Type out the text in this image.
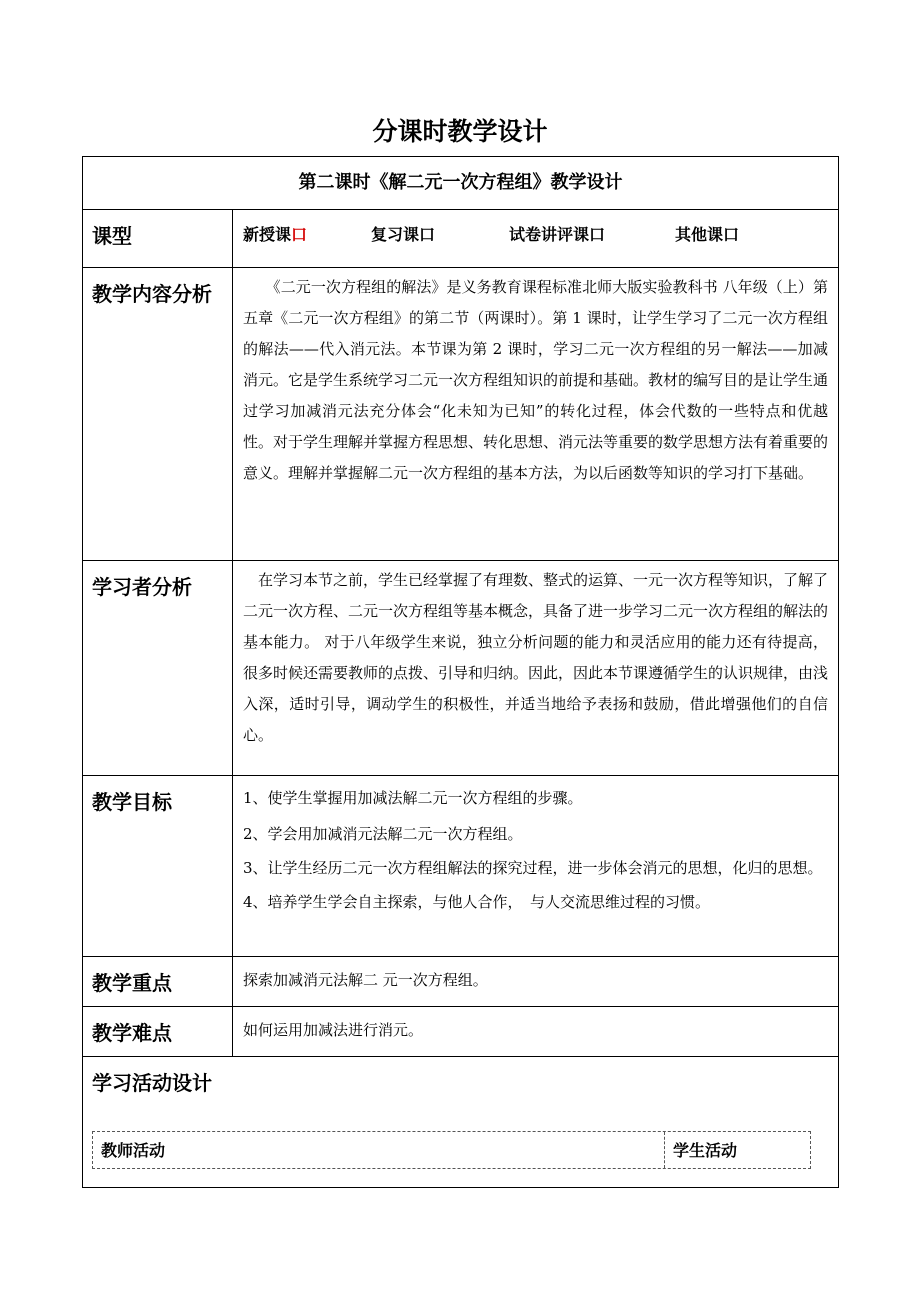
分课时教学设计
第二课时《解二元一次方程组》教学设计	
课型	新授课口 复习课口 试卷讲评课口 其他课口
教学内容分析	　　《二元一次方程组的解法》是义务教育课程标准北师大版实验教科书 八年级（上）第五章《二元一次方程组》的第二节（两课时）。第 1 课时，让学生学习了二元一次方程组的解法——代入消元法。本节课为第 2 课时，学习二元一次方程组的另一解法——加减消元。它是学生系统学习二元一次方程组知识的前提和基础。教材的编写目的是让学生通过学习加减消元法充分体会“化未知为已知”的转化过程，体会代数的一些特点和优越性。对于学生理解并掌握方程思想、转化思想、消元法等重要的数学思想方法有着重要的意义。理解并掌握解二元一次方程组的基本方法，为以后函数等知识的学习打下基础。
学习者分析	　在学习本节之前，学生已经掌握了有理数、整式的运算、一元一次方程等知识，了解了二元一次方程、二元一次方程组等基本概念，具备了进一步学习二元一次方程组的解法的基本能力。 对于八年级学生来说，独立分析问题的能力和灵活应用的能力还有待提高，很多时候还需要教师的点拨、引导和归纳。因此，因此本节课遵循学生的认识规律，由浅入深，适时引导，调动学生的积极性，并适当地给予表扬和鼓励，借此增强他们的自信心。
教学目标	1、使学生掌握用加减法解二元一次方程组的步骤。

2、学会用加减消元法解二元一次方程组。

3、让学生经历二元一次方程组解法的探究过程，进一步体会消元的思想，化归的思想。

4、培养学生学会自主探索，与他人合作，　与人交流思维过程的习惯。

教学重点	探索加减消元法解二 元一次方程组。
教学难点	如何运用加减法进行消元。

学习活动设计
教师活动 学生活动	
